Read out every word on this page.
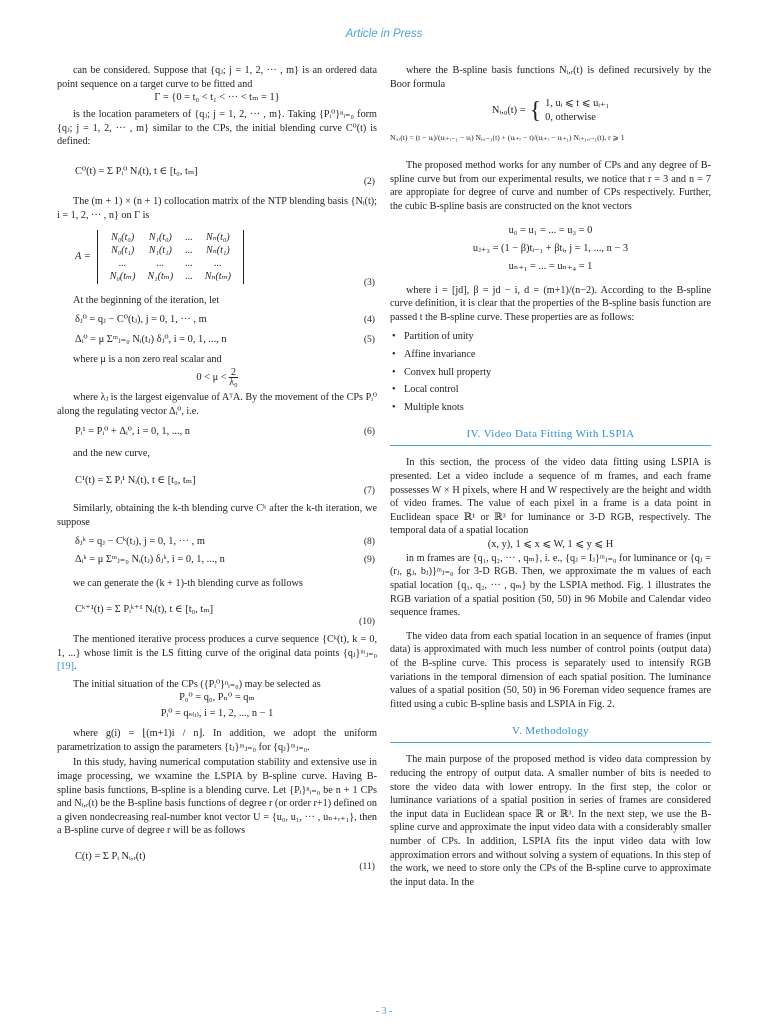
Article in Press

can be considered. Suppose that {qⱼ; j = 1, 2, ··· , m} is an ordered data point sequence on a target curve to be fitted and

Γ = {0 = t₀ < t₁ < ··· < tₘ = 1}

is the location parameters of {qⱼ; j = 1, 2, ··· , m}. Taking {Pᵢ⁰}ⁿᵢ₌₀ form {qⱼ; j = 1, 2, ··· , m} similar to the CPs, the initial blending curve C⁰(t) is defined:

C⁰(t) = Σ Pᵢ⁰ Nᵢ(t), t ∈ [t₀, tₘ]
(2)

The (m + 1) × (n + 1) collocation matrix of the NTP blending basis {Nᵢ(t); i = 1, 2, ··· , n} on Γ is

A =
N₀(t₀)	N₁(t₀)	...	Nₙ(t₀)
N₀(t₁)	N₁(t₁)	...	Nₙ(t₁)
...	...	...	...
N₀(tₘ)	N₁(tₘ)	...	Nₙ(tₘ)
(3)

At the beginning of the iteration, let

δⱼ⁰ = qⱼ − C⁰(tⱼ), j = 0, 1, ··· , m	(4)
Δᵢ⁰ = μ Σᵐⱼ₌₀ Nᵢ(tⱼ) δⱼ⁰, i = 0, 1, ..., n	(5)

where μ is a non zero real scalar and

$0 < \mu < \frac{2}{\text{λ₀}}$

where λⱼ is the largest eigenvalue of AᵀA. By the movement of the CPs Pᵢ⁰ along the regulating vector Δᵢ⁰, i.e.

Pᵢ¹ = Pᵢ⁰ + Δᵢ⁰, i = 0, 1, ..., n	(6)

and the new curve,

C¹(t) = Σ Pᵢ¹ Nᵢ(t), t ∈ [t₀, tₘ]
(7)

Similarly, obtaining the k-th blending curve Cᵏ after the k-th iteration, we suppose

δⱼᵏ = qⱼ − Cᵏ(tⱼ), j = 0, 1, ··· , m	(8)
Δᵢᵏ = μ Σᵐⱼ₌₀ Nᵢ(tⱼ) δⱼᵏ, i = 0, 1, ..., n	(9)

we can generate the (k + 1)-th blending curve as follows

Cᵏ⁺¹(t) = Σ Pᵢᵏ⁺¹ Nᵢ(t), t ∈ [t₀, tₘ]
(10)

The mentioned iterative process produces a curve sequence {Cᵏ(t), k = 0, 1, ...} whose limit is the LS fitting curve of the original data points {qⱼ}ᵐⱼ₌₀ [19].

The initial situation of the CPs ({Pᵢ⁰}ⁿᵢ₌₀) may be selected as

P₀⁰ = q₀, Pₙ⁰ = qₘ
Pᵢ⁰ = qₛ₍ᵢ₎, i = 1, 2, ..., n − 1

where g(i) = ⌊(m+1)i / n⌋. In addition, we adopt the uniform parametrization to assign the parameters {tⱼ}ᵐⱼ₌₀ for {qⱼ}ᵐⱼ₌₀.

In this study, having numerical computation stability and extensive use in image processing, we wxamine the LSPIA by B-spline curve. Having B-spline basis functions, B-spline is a blending curve. Let {Pᵢ}ⁿᵢ₌₀ be n + 1 CPs and Nᵢ,ᵣ(t) be the B-spline basis functions of degree r (or order r+1) defined on a given nondecreasing real-number knot vector U = {u₀, u₁, ··· , uₙ₊ᵣ₊₁}, then a B-spline curve of degree r will be as follows

C(t) = Σ Pᵢ Nᵢ,ᵣ(t)
(11)

where the B-spline basis functions Nᵢ,ᵣ(t) is defined recursively by the Boor formula

Nᵢ,₀(t) = { 1, uᵢ ⩽ t ⩽ uᵢ₊₁
0, otherwise
Nᵢ,ᵣ(t) = (t − uᵢ)/(uᵢ₊ᵣ₋₁ − uᵢ) Nᵢ,ᵣ₋₁(t) + (uᵢ₊ᵣ − t)/(uᵢ₊ᵣ − uᵢ₊₁) Nᵢ₊₁,ᵣ₋₁(t), r ⩾ 1

The proposed method works for any number of CPs and any degree of B-spline curve but from our experimental results, we notice that r = 3 and n = 7 are appropiate for degree of curve and number of CPs respectively. Further, the cubic B-spline basis are constructed on the knot vectors

u₀ = u₁ = ... = u₃ = 0
uⱼ₊₃ = (1 − β)tᵢ₋₁ + βtᵢ, j = 1, ..., n − 3
uₙ₊₁ = ... = uₙ₊₄ = 1

where i = [jd], β = jd − i, d = (m+1)/(n−2). According to the B-spline curve definition, it is clear that the properties of the B-spline basis function are passed t the B-spline curve. These properties are as follows:

• Partition of unity
• Affine invariance
• Convex hull property
• Local control
• Multiple knots
IV. Video Data Fitting With LSPIA

In this section, the process of the video data fitting using LSPIA is presented. Let a video include a sequence of m frames, and each frame possesses W × H pixels, where H and W respectively are the height and width of video frames. The value of each pixel in a frame is a data point in Euclidean space ℝ¹ or ℝ³ for luminance or 3-D RGB, respectively. The temporal data of a spatial location

(x, y), 1 ⩽ x ⩽ W, 1 ⩽ y ⩽ H

in m frames are {q₁, q₂, ··· , qₘ}, i. e., {qⱼ = Iⱼ}ᵐⱼ₌₀ for luminance or {qⱼ = (rⱼ, gⱼ, bⱼ)}ᵐⱼ₌₀ for 3-D RGB. Then, we approximate the m values of each spatial location {q₁, q₂, ··· , qₘ} by the LSPIA method. Fig. 1 illustrates the RGB variation of a spatial position (50, 50) in 96 Mobile and Calendar video sequence frames.

The video data from each spatial location in an sequence of frames (input data) is approximated with much less number of control points (output data) of the B-spline curve. This process is separately used to intensify RGB variations in the temporal dimension of each spatial position. The luminance values of a spatial position (50, 50) in 96 Foreman video sequence frames are fitted using a cubic B-spline basis and LSPIA in Fig. 2.

V. Methodology

The main purpose of the proposed method is video data compression by reducing the entropy of output data. A smaller number of bits is needed to store the video data with lower entropy. In the first step, the color or luminance variations of a spatial position in series of frames are considered the input data in Euclidean space ℝ or ℝ³. In the next step, we use the B-spline curve and approximate the input video data with a considerably smaller number of CPs. In addition, LSPIA fits the input video data with low approximation errors and without solving a system of equations. In this step of the work, we need to store only the CPs of the B-spline curve to approximate the input data. In the

- 3 -
